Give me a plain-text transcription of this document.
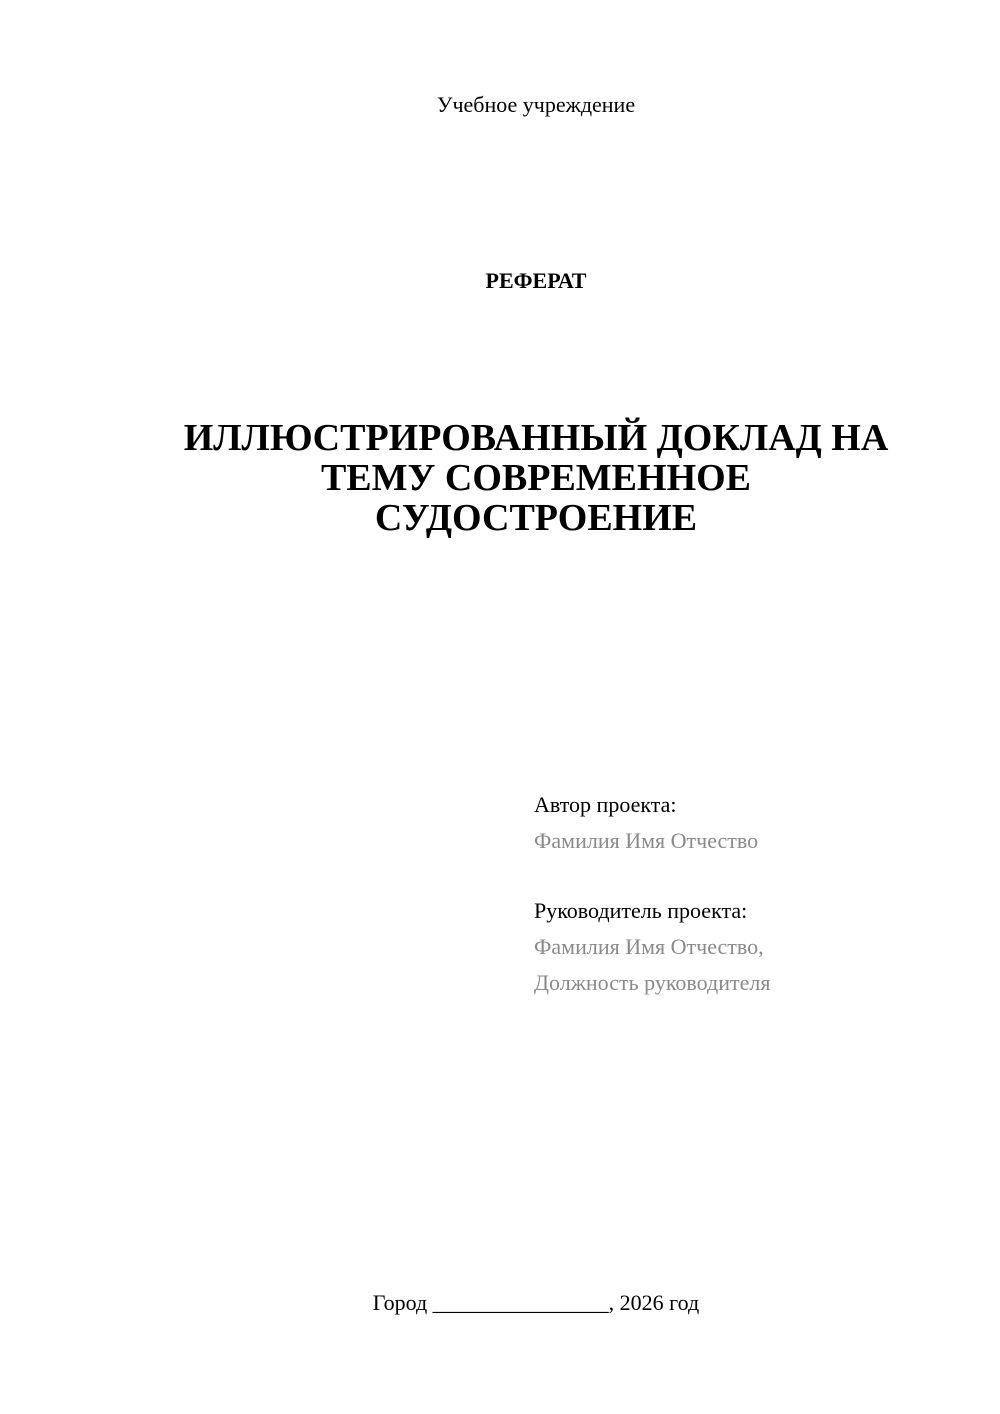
Учебное учреждение
РЕФЕРАТ
ИЛЛЮСТРИРОВАННЫЙ ДОКЛАД НА
ТЕМУ СОВРЕМЕННОЕ
СУДОСТРОЕНИЕ
Автор проекта:
Фамилия Имя Отчество
Руководитель проекта:
Фамилия Имя Отчество,
Должность руководителя
Город ________________, 2026 год
